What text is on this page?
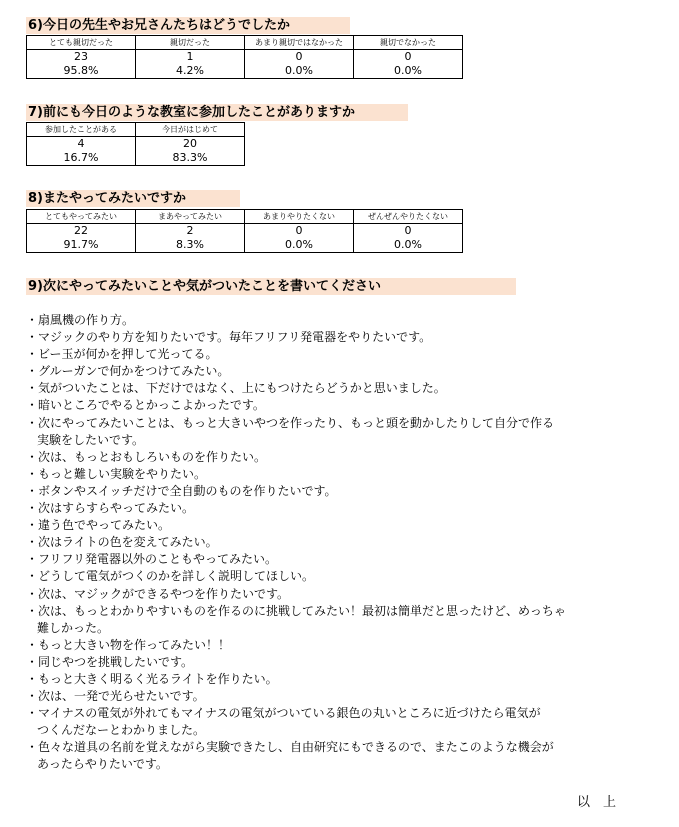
6)今日の先生やお兄さんたちはどうでしたか
とても親切だった	親切だった	あまり親切ではなかった	親切でなかった
23	1	0	0
95.8%	4.2%	0.0%	0.0%
7)前にも今日のような教室に参加したことがありますか
参加したことがある	今日がはじめて
4	20
16.7%	83.3%
8)またやってみたいですか
とてもやってみたい	まあやってみたい	あまりやりたくない	ぜんぜんやりたくない
22	2	0	0
91.7%	8.3%	0.0%	0.0%
9)次にやってみたいことや気がついたことを書いてください
・扇風機の作り方。
・マジックのやり方を知りたいです。毎年フリフリ発電器をやりたいです。
・ビー玉が何かを押して光ってる。
・グルーガンで何かをつけてみたい。
・気がついたことは、下だけではなく、上にもつけたらどうかと思いました。
・暗いところでやるとかっこよかったです。
・次にやってみたいことは、もっと大きいやつを作ったり、もっと頭を動かしたりして自分で作る
実験をしたいです。
・次は、もっとおもしろいものを作りたい。
・もっと難しい実験をやりたい。
・ボタンやスイッチだけで全自動のものを作りたいです。
・次はすらすらやってみたい。
・違う色でやってみたい。
・次はライトの色を変えてみたい。
・フリフリ発電器以外のこともやってみたい。
・どうして電気がつくのかを詳しく説明してほしい。
・次は、マジックができるやつを作りたいです。
・次は、もっとわかりやすいものを作るのに挑戦してみたい！最初は簡単だと思ったけど、めっちゃ
難しかった。
・もっと大きい物を作ってみたい！！
・同じやつを挑戦したいです。
・もっと大きく明るく光るライトを作りたい。
・次は、一発で光らせたいです。
・マイナスの電気が外れてもマイナスの電気がついている銀色の丸いところに近づけたら電気が
つくんだなーとわかりました。
・色々な道具の名前を覚えながら実験できたし、自由研究にもできるので、またこのような機会が
あったらやりたいです。
以　上
